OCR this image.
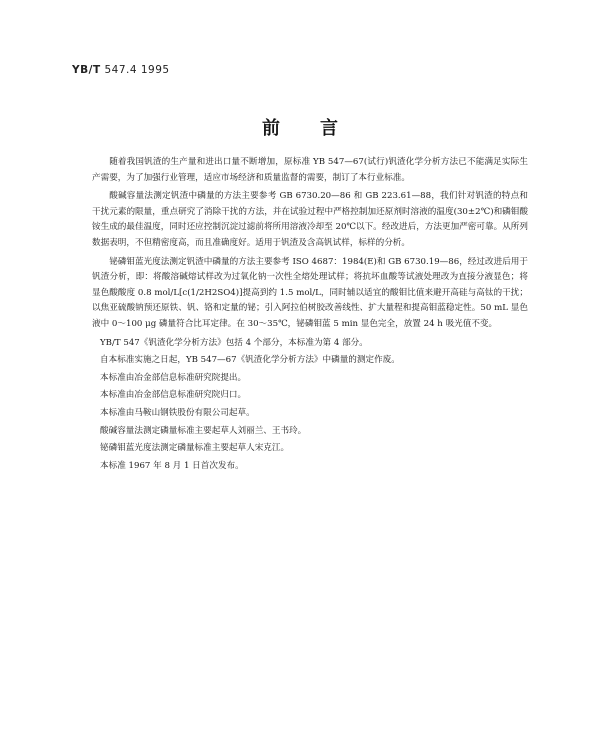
YB/T 547.4 1995
前言

随着我国钒渣的生产量和进出口量不断增加，原标准 YB 547—67(试行)钒渣化学分析方法已不能满足实际生产需要，为了加强行业管理，适应市场经济和质量监督的需要，制订了本行业标准。

酸碱容量法测定钒渣中磷量的方法主要参考 GB 6730.20—86 和 GB 223.61—88，我们针对钒渣的特点和干扰元素的限量，重点研究了消除干扰的方法，并在试验过程中严格控制加还原剂时溶液的温度(30±2℃)和磷钼酸铵生成的最佳温度，同时还应控制沉淀过滤前将所用溶液冷却至 20℃以下。经改进后，方法更加严密可靠。从所列数据表明，不但精密度高，而且准确度好。适用于钒渣及含高钒试样，标样的分析。

铋磷钼蓝光度法测定钒渣中磷量的方法主要参考 ISO 4687：1984(E)和 GB 6730.19—86，经过改进后用于钒渣分析，即：将酸溶碱熔试样改为过氧化钠一次性全熔处理试样；将抗坏血酸等试液处理改为直接分液显色；将显色酸酸度 0.8 mol/L[c(1/2H2SO4)]提高到约 1.5 mol/L，同时辅以适宜的酸钼比值来避开高硅与高钛的干扰；以焦亚硫酸钠预还原铁、钒、铬和定量的铋；引入阿拉伯树胶改善线性、扩大量程和提高钼蓝稳定性。50 mL 显色液中 0～100 μg 磷量符合比耳定律。在 30～35℃，铋磷钼蓝 5 min 显色完全，放置 24 h 吸光值不变。

YB/T 547《钒渣化学分析方法》包括 4 个部分，本标准为第 4 部分。

自本标准实施之日起，YB 547—67《钒渣化学分析方法》中磷量的测定作废。

本标准由冶金部信息标准研究院提出。

本标准由冶金部信息标准研究院归口。

本标准由马鞍山钢铁股份有限公司起草。

酸碱容量法测定磷量标准主要起草人刘丽兰、王书玲。

铋磷钼蓝光度法测定磷量标准主要起草人宋克江。

本标准 1967 年 8 月 1 日首次发布。
